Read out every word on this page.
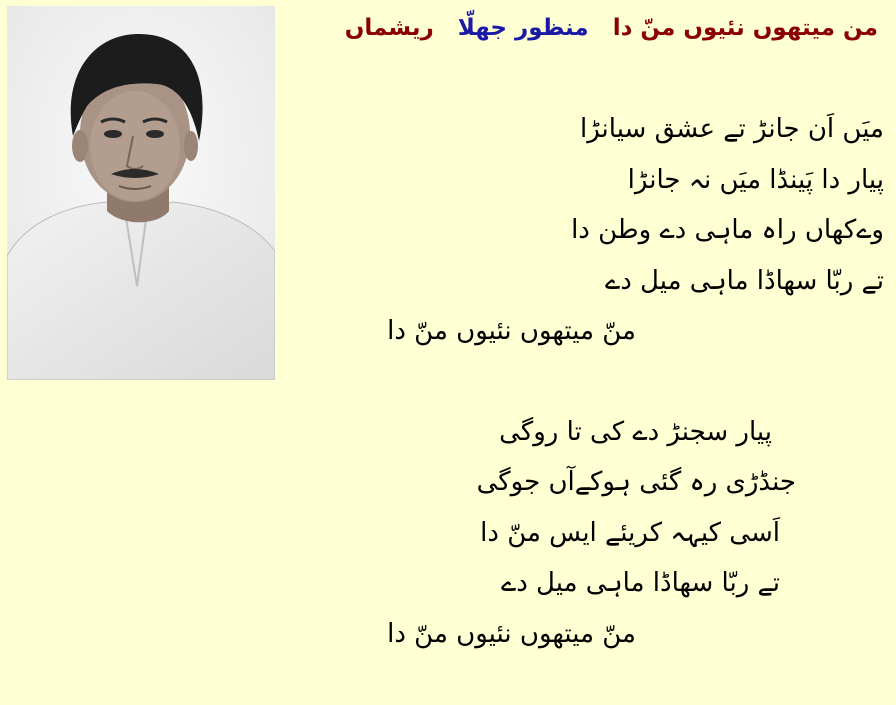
من میتھوں نئیوں منّ دا منظور جھلّا ریشماں
میَں اَن جانڑ تے عشق سیانڑا
پیار دا پَینڈا میَں نہ جانڑا
وےکھاں راہ ماہی دے وطن دا
تے ربّا سھاڈا ماہی میل دے
منّ میتھوں نئیوں منّ دا
پیار سجنڑ دے کی تا روگی
جنڈڑی رہ گئی ہوکےآں جوگی
اَسی کیہہ کریئے ایس منّ دا
تے ربّا سھاڈا ماہی میل دے
منّ میتھوں نئیوں منّ دا
